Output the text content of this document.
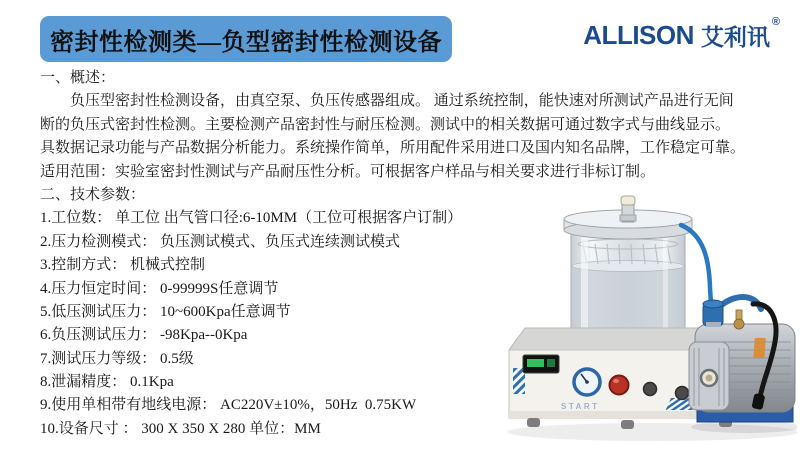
密封性检测类—负型密封性检测设备	ALLISON 艾利讯
®
一、概述：
负压型密封性检测设备，由真空泵、负压传感器组成。 通过系统控制，能快速对所测试产品进行无间
断的负压式密封性检测。主要检测产品密封性与耐压检测。测试中的相关数据可通过数字式与曲线显示。
具数据记录功能与产品数据分析能力。系统操作简单，所用配件采用进口及国内知名品牌，工作稳定可靠。
适用范围：实验室密封性测试与产品耐压性分析。可根据客户样品与相关要求进行非标订制。
二、技术参数：
1.工位数： 单工位 出气管口径:6-10MM（工位可根据客户订制）
2.压力检测模式： 负压测试模式、负压式连续测试模式
3.控制方式： 机械式控制
4.压力恒定时间： 0-99999S任意调节
5.低压测试压力： 10~600Kpa任意调节
6.负压测试压力： -98Kpa--0Kpa
7.测试压力等级： 0.5级
8.泄漏精度： 0.1Kpa
9.使用单相带有地线电源： AC220V±10%，50Hz  0.75KW
10.设备尺寸 ： 300 X 350 X 280 单位：MM
START
